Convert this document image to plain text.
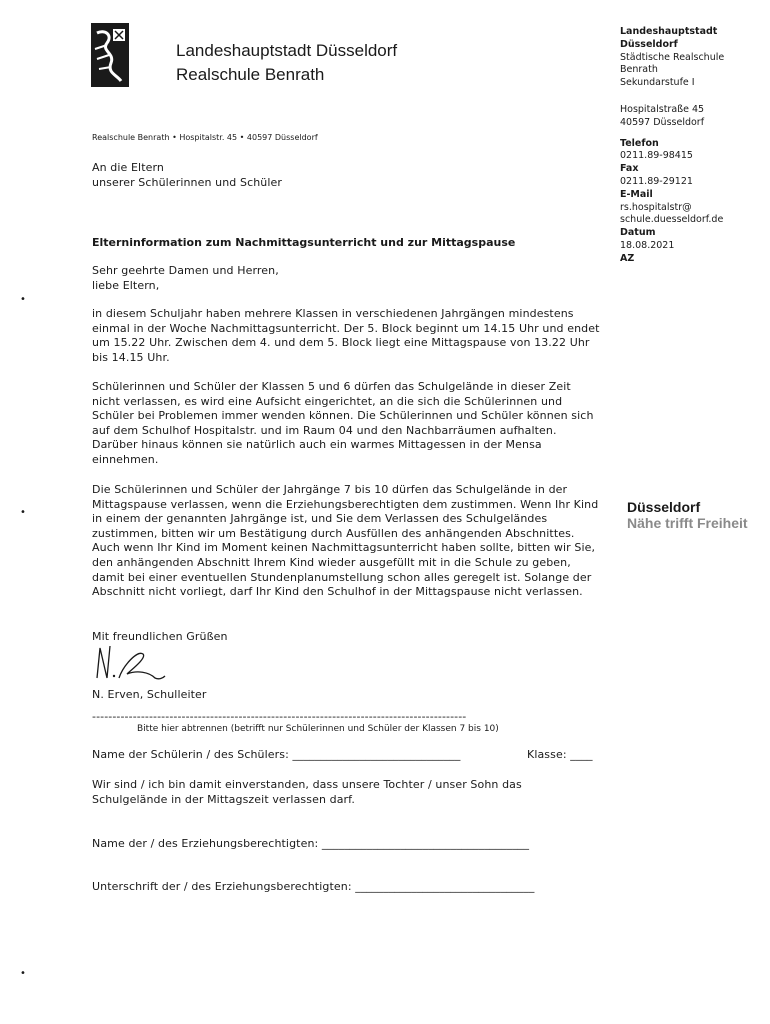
Landeshauptstadt Düsseldorf
Realschule Benrath
Realschule Benrath • Hospitalstr. 45 • 40597 Düsseldorf
Landeshauptstadt
Düsseldorf
Städtische Realschule
Benrath
Sekundarstufe I
Hospitalstraße 45
40597 Düsseldorf
Telefon
0211.89-98415
Fax
0211.89-29121
E-Mail
rs.hospitalstr@
schule.duesseldorf.de
Datum
18.08.2021
AZ
Düsseldorf
Nähe trifft Freiheit
•
•
•
An die Eltern
unserer Schülerinnen und Schüler
Elterninformation zum Nachmittagsunterricht und zur Mittagspause
Sehr geehrte Damen und Herren,
liebe Eltern,

in diesem Schuljahr haben mehrere Klassen in verschiedenen Jahrgängen mindestens einmal in der Woche Nachmittagsunterricht. Der 5. Block beginnt um 14.15 Uhr und endet um 15.22 Uhr. Zwischen dem 4. und dem 5. Block liegt eine Mittagspause von 13.22 Uhr bis 14.15 Uhr.

Schülerinnen und Schüler der Klassen 5 und 6 dürfen das Schulgelände in dieser Zeit nicht verlassen, es wird eine Aufsicht eingerichtet, an die sich die Schülerinnen und Schüler bei Problemen immer wenden können. Die Schülerinnen und Schüler können sich auf dem Schulhof Hospitalstr. und im Raum 04 und den Nachbarräumen aufhalten. Darüber hinaus können sie natürlich auch ein warmes Mittagessen in der Mensa einnehmen.

Die Schülerinnen und Schüler der Jahrgänge 7 bis 10 dürfen das Schulgelände in der Mittagspause verlassen, wenn die Erziehungsberechtigten dem zustimmen. Wenn Ihr Kind in einem der genannten Jahrgänge ist, und Sie dem Verlassen des Schulgeländes zustimmen, bitten wir um Bestätigung durch Ausfüllen des anhängenden Abschnittes. Auch wenn Ihr Kind im Moment keinen Nachmittagsunterricht haben sollte, bitten wir Sie, den anhängenden Abschnitt Ihrem Kind wieder ausgefüllt mit in die Schule zu geben, damit bei einer eventuellen Stundenplanumstellung schon alles geregelt ist. Solange der Abschnitt nicht vorliegt, darf Ihr Kind den Schulhof in der Mittagspause nicht verlassen.

Mit freundlichen Grüßen
N. Erven, Schulleiter
--------------------------------------------------------------------------------------------
Bitte hier abtrennen (betrifft nur Schülerinnen und Schüler der Klassen 7 bis 10)
Name der Schülerin / des Schülers: ______________________________	Klasse: ____
Wir sind / ich bin damit einverstanden, dass unsere Tochter / unser Sohn das Schulgelände in der Mittagszeit verlassen darf.
Name der / des Erziehungsberechtigten: _____________________________________
Unterschrift der / des Erziehungsberechtigten: ________________________________
